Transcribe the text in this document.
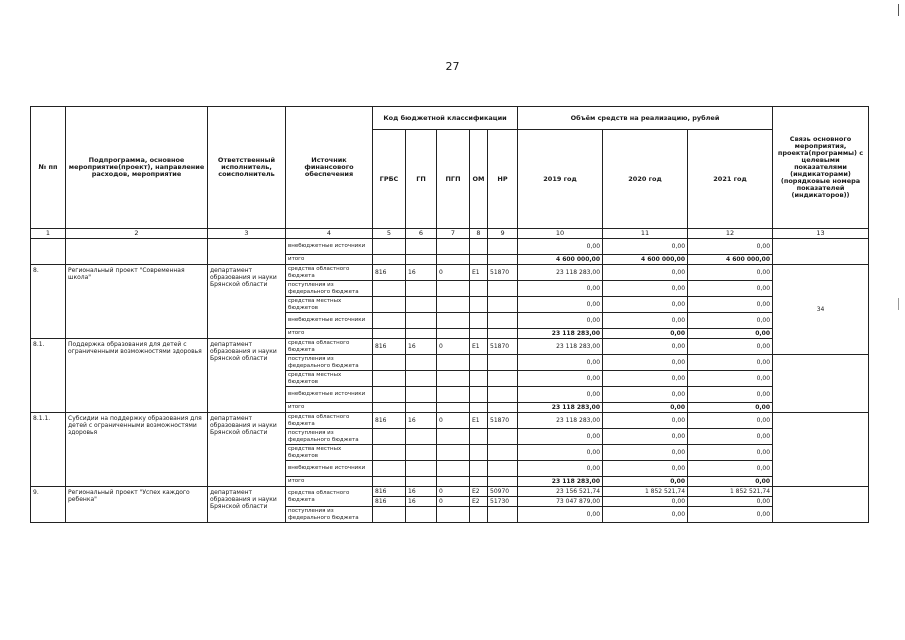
27
№ пп	Подпрограмма, основное мероприятие(проект), направление расходов, мероприятие	Ответственный исполнитель, соисполнитель	Источник финансового обеспечения	Код бюджетной классификации					Объём средств на реализацию, рублей			Связь основного мероприятия, проекта(программы) с целевыми показателями (индикаторами) (порядковые номера показателей (индикаторов))	
				ГРБС	ГП	ПГП	ОМ	НР	2019 год	2020 год	2021 год		
1	2	3	4	5	6	7	8	9	10	11	12	13	
			внебюджетные источники						0,00	0,00	0,00		
			итого						4 600 000,00	4 600 000,00	4 600 000,00		
8.	Региональный проект "Современная школа"	департамент образования и науки Брянской области	средства областного бюджета	816	16	0	E1	51870	23 118 283,00	0,00	0,00	34	
			поступления из федерального бюджета						0,00	0,00	0,00		
			средства местных бюджетов						0,00	0,00	0,00		
			внебюджетные источники						0,00	0,00	0,00		
			итого						23 118 283,00	0,00	0,00		
8.1.	Поддержка образования для детей с ограниченными возможностями здоровья	департамент образования и науки Брянской области	средства областного бюджета	816	16	0	E1	51870	23 118 283,00	0,00	0,00		
			поступления из федерального бюджета						0,00	0,00	0,00		
			средства местных бюджетов						0,00	0,00	0,00		
			внебюджетные источники						0,00	0,00	0,00		
			итого						23 118 283,00	0,00	0,00		
8.1.1.	Субсидии на поддержку образования для детей с ограниченными возможностями здоровья	департамент образования и науки Брянской области	средства областного бюджета	816	16	0	E1	51870	23 118 283,00	0,00	0,00		
			поступления из федерального бюджета						0,00	0,00	0,00		
			средства местных бюджетов						0,00	0,00	0,00		
			внебюджетные источники						0,00	0,00	0,00		
			итого						23 118 283,00	0,00	0,00		
9.	Региональный проект "Успех каждого ребенка"	департамент образования и науки Брянской области	средства областного бюджета	816	16	0	E2	50970	23 156 521,74	1 852 521,74	1 852 521,74		
				816	16	0	E2	51730	73 047 879,00	0,00	0,00		
			поступления из федерального бюджета						0,00	0,00	0,00		
